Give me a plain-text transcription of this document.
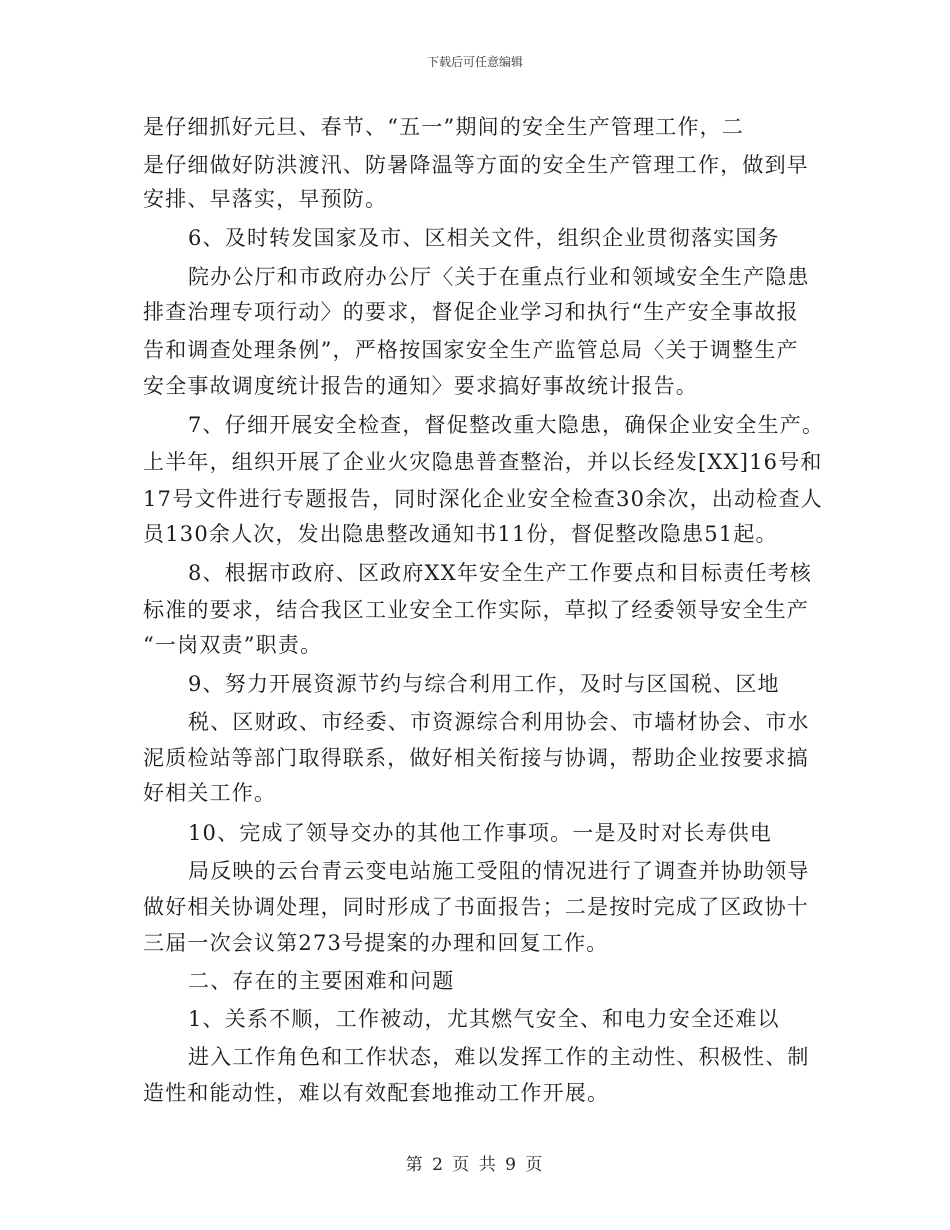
下载后可任意编辑
是仔细抓好元旦、春节、“五一”期间的安全生产管理工作，二
是仔细做好防洪渡汛、防暑降温等方面的安全生产管理工作，做到早
安排、早落实，早预防。
6、及时转发国家及市、区相关文件，组织企业贯彻落实国务
院办公厅和市政府办公厅〈关于在重点行业和领域安全生产隐患
排查治理专项行动〉的要求，督促企业学习和执行“生产安全事故报
告和调查处理条例”，严格按国家安全生产监管总局〈关于调整生产
安全事故调度统计报告的通知〉要求搞好事故统计报告。
7、仔细开展安全检查，督促整改重大隐患，确保企业安全生产。
上半年，组织开展了企业火灾隐患普查整治，并以长经发[XX]16号和
17号文件进行专题报告，同时深化企业安全检查30余次，出动检查人
员130余人次，发出隐患整改通知书11份，督促整改隐患51起。
8、根据市政府、区政府XX年安全生产工作要点和目标责任考核
标准的要求，结合我区工业安全工作实际，草拟了经委领导安全生产
“一岗双责”职责。
9、努力开展资源节约与综合利用工作，及时与区国税、区地
税、区财政、市经委、市资源综合利用协会、市墙材协会、市水
泥质检站等部门取得联系，做好相关衔接与协调，帮助企业按要求搞
好相关工作。
10、完成了领导交办的其他工作事项。一是及时对长寿供电
局反映的云台青云变电站施工受阻的情况进行了调查并协助领导
做好相关协调处理，同时形成了书面报告；二是按时完成了区政协十
三届一次会议第273号提案的办理和回复工作。
二、存在的主要困难和问题
1、关系不顺，工作被动，尤其燃气安全、和电力安全还难以
进入工作角色和工作状态，难以发挥工作的主动性、积极性、制
造性和能动性，难以有效配套地推动工作开展。
第 2 页 共 9 页
